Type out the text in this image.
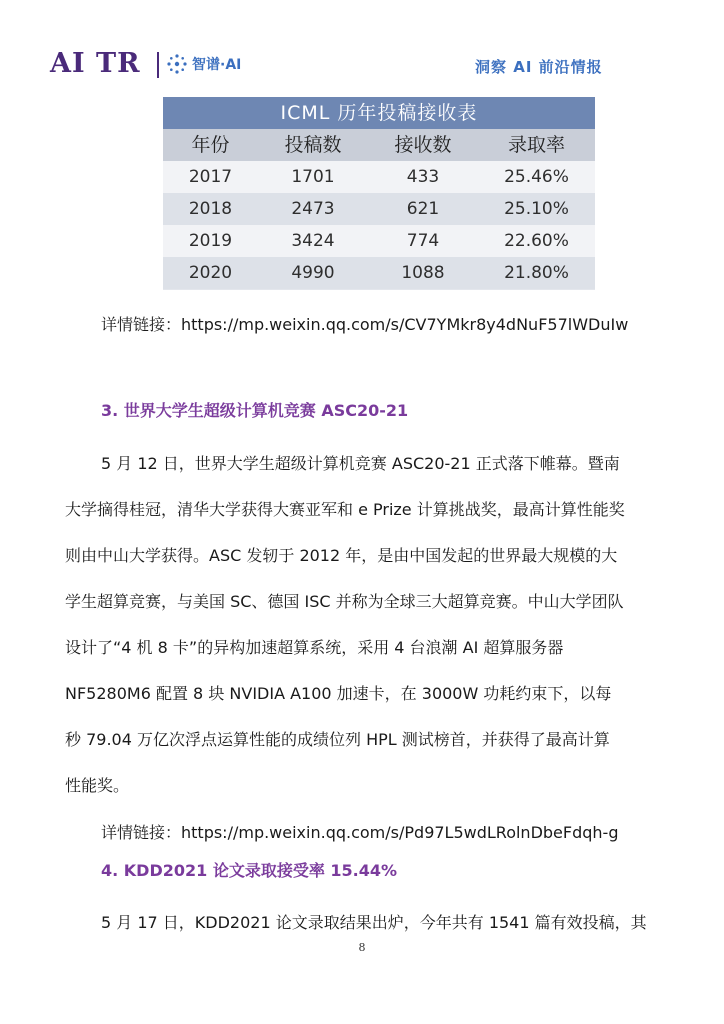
AI TR	智谱·AI	洞察 AI 前沿情报
ICML 历年投稿接收表
年份	投稿数	接收数	录取率
2017	1701	433	25.46%
2018	2473	621	25.10%
2019	3424	774	22.60%
2020	4990	1088	21.80%
详情链接：https://mp.weixin.qq.com/s/CV7YMkr8y4dNuF57lWDuIw
3. 世界大学生超级计算机竞赛 ASC20-21
5 月 12 日，世界大学生超级计算机竞赛 ASC20-21 正式落下帷幕。暨南
大学摘得桂冠，清华大学获得大赛亚军和 e Prize 计算挑战奖，最高计算性能奖
则由中山大学获得。ASC 发轫于 2012 年，是由中国发起的世界最大规模的大
学生超算竞赛，与美国 SC、德国 ISC 并称为全球三大超算竞赛。中山大学团队
设计了“4 机 8 卡”的异构加速超算系统，采用 4 台浪潮 AI 超算服务器
NF5280M6 配置 8 块 NVIDIA A100 加速卡，在 3000W 功耗约束下，以每
秒 79.04 万亿次浮点运算性能的成绩位列 HPL 测试榜首，并获得了最高计算
性能奖。
详情链接：https://mp.weixin.qq.com/s/Pd97L5wdLRolnDbeFdqh-g
4. KDD2021 论文录取接受率 15.44%
5 月 17 日，KDD2021 论文录取结果出炉，今年共有 1541 篇有效投稿，其
8
